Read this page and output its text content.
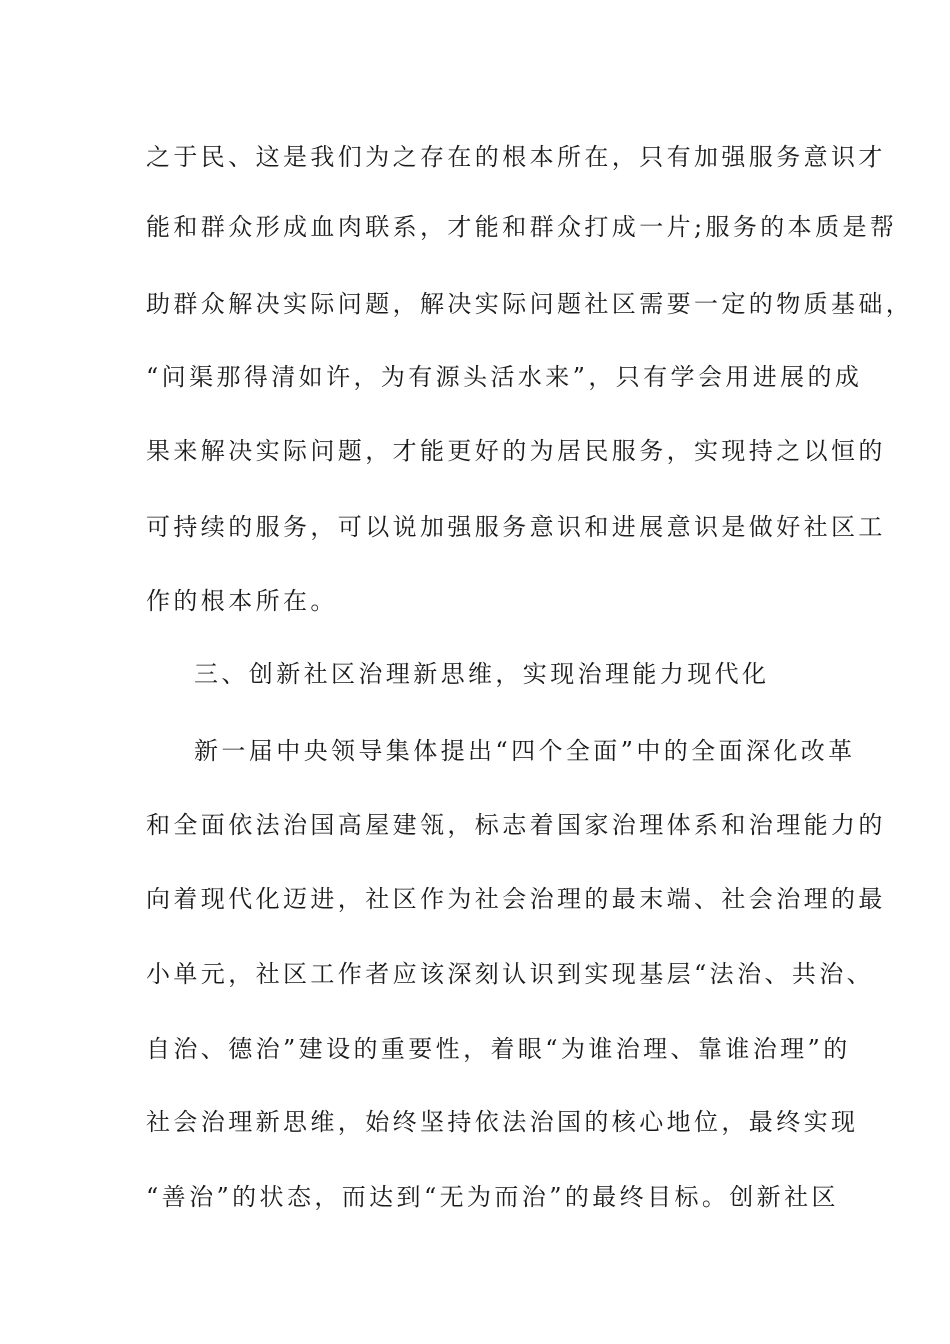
之于民、这是我们为之存在的根本所在，只有加强服务意识才
能和群众形成血肉联系，才能和群众打成一片;服务的本质是帮
助群众解决实际问题，解决实际问题社区需要一定的物质基础，
“问渠那得清如许，为有源头活水来”，只有学会用进展的成
果来解决实际问题，才能更好的为居民服务，实现持之以恒的
可持续的服务，可以说加强服务意识和进展意识是做好社区工
作的根本所在。
三、创新社区治理新思维，实现治理能力现代化
新一届中央领导集体提出“四个全面”中的全面深化改革
和全面依法治国高屋建瓴，标志着国家治理体系和治理能力的
向着现代化迈进，社区作为社会治理的最末端、社会治理的最
小单元，社区工作者应该深刻认识到实现基层“法治、共治、
自治、德治”建设的重要性，着眼“为谁治理、靠谁治理”的
社会治理新思维，始终坚持依法治国的核心地位，最终实现
“善治”的状态，而达到“无为而治”的最终目标。创新社区
